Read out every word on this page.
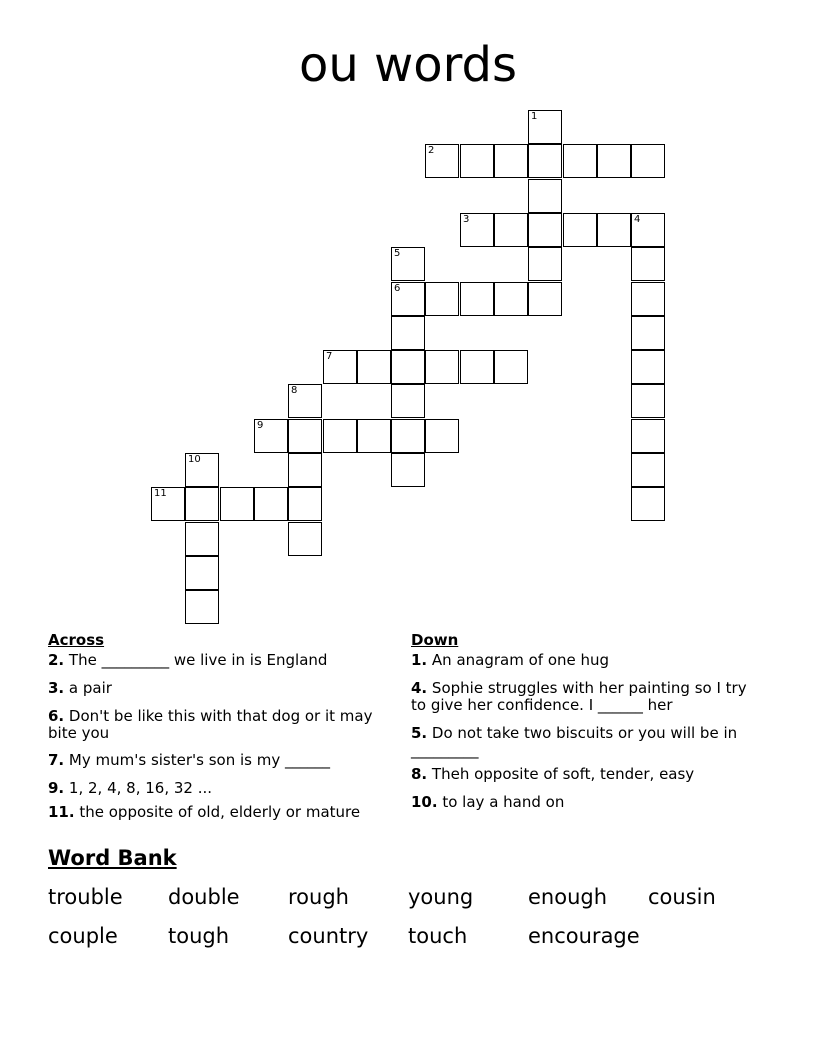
ou words
1
2
3	4
5
6
7
8
9
10
11
Across
2. The _________ we live in is England
3. a pair
6. Don't be like this with that dog or it may bite you
7. My mum's sister's son is my ______
9. 1, 2, 4, 8, 16, 32 ...
11. the opposite of old, elderly or mature
Down
1. An anagram of one hug
4. Sophie struggles with her painting so I try to give her confidence. I ______ her
5. Do not take two biscuits or you will be in _________
8. Theh opposite of soft, tender, easy
10. to lay a hand on
Word Bank
trouble	double	rough	young	enough	cousin
couple	tough	country	touch	encourage
